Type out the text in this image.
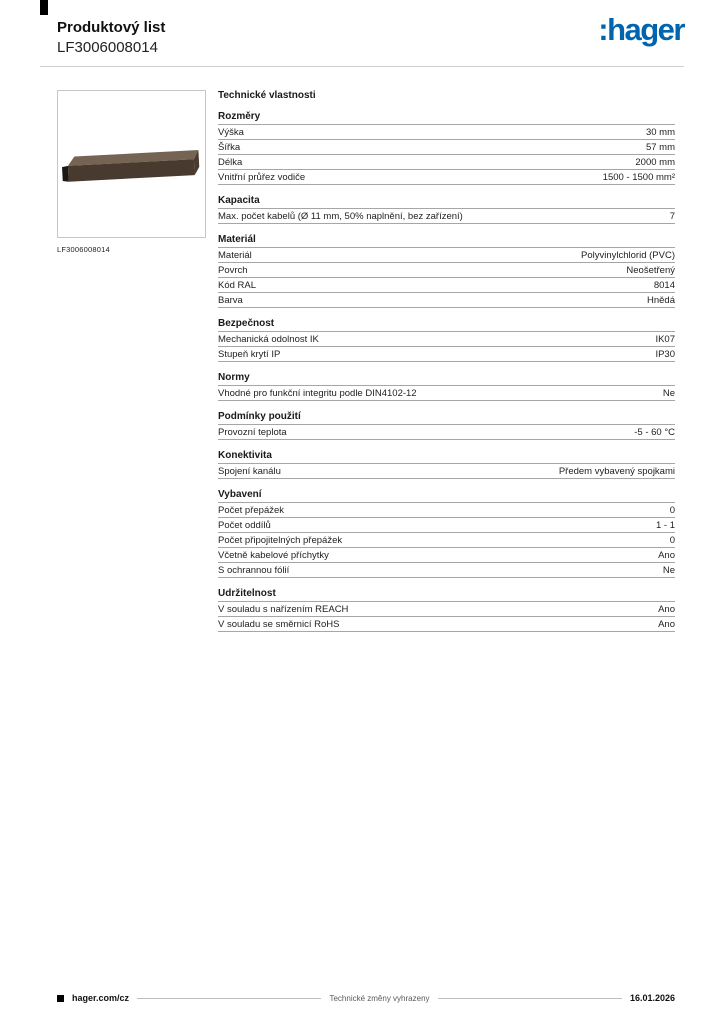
Produktový list
LF3006008014
:hager
LF3006008014
Technické vlastnosti
Rozměry
Výška	30 mm
Šířka	57 mm
Délka	2000 mm
Vnitřní průřez vodiče	1500 - 1500 mm²
Kapacita
Max. počet kabelů (Ø 11 mm, 50% naplnění, bez zařízení)	7
Materiál
Materiál	Polyvinylchlorid (PVC)
Povrch	Neošetřený
Kód RAL	8014
Barva	Hnědá
Bezpečnost
Mechanická odolnost IK	IK07
Stupeň krytí IP	IP30
Normy
Vhodné pro funkční integritu podle DIN4102-12	Ne
Podmínky použití
Provozní teplota	-5 - 60 °C
Konektivita
Spojení kanálu	Předem vybavený spojkami
Vybavení
Počet přepážek	0
Počet oddílů	1 - 1
Počet připojitelných přepážek	0
Včetně kabelové příchytky	Ano
S ochrannou fólií	Ne
Udržitelnost
V souladu s nařízením REACH	Ano
V souladu se směrnicí RoHS	Ano
hager.com/cz	Technické změny vyhrazeny	16.01.2026
